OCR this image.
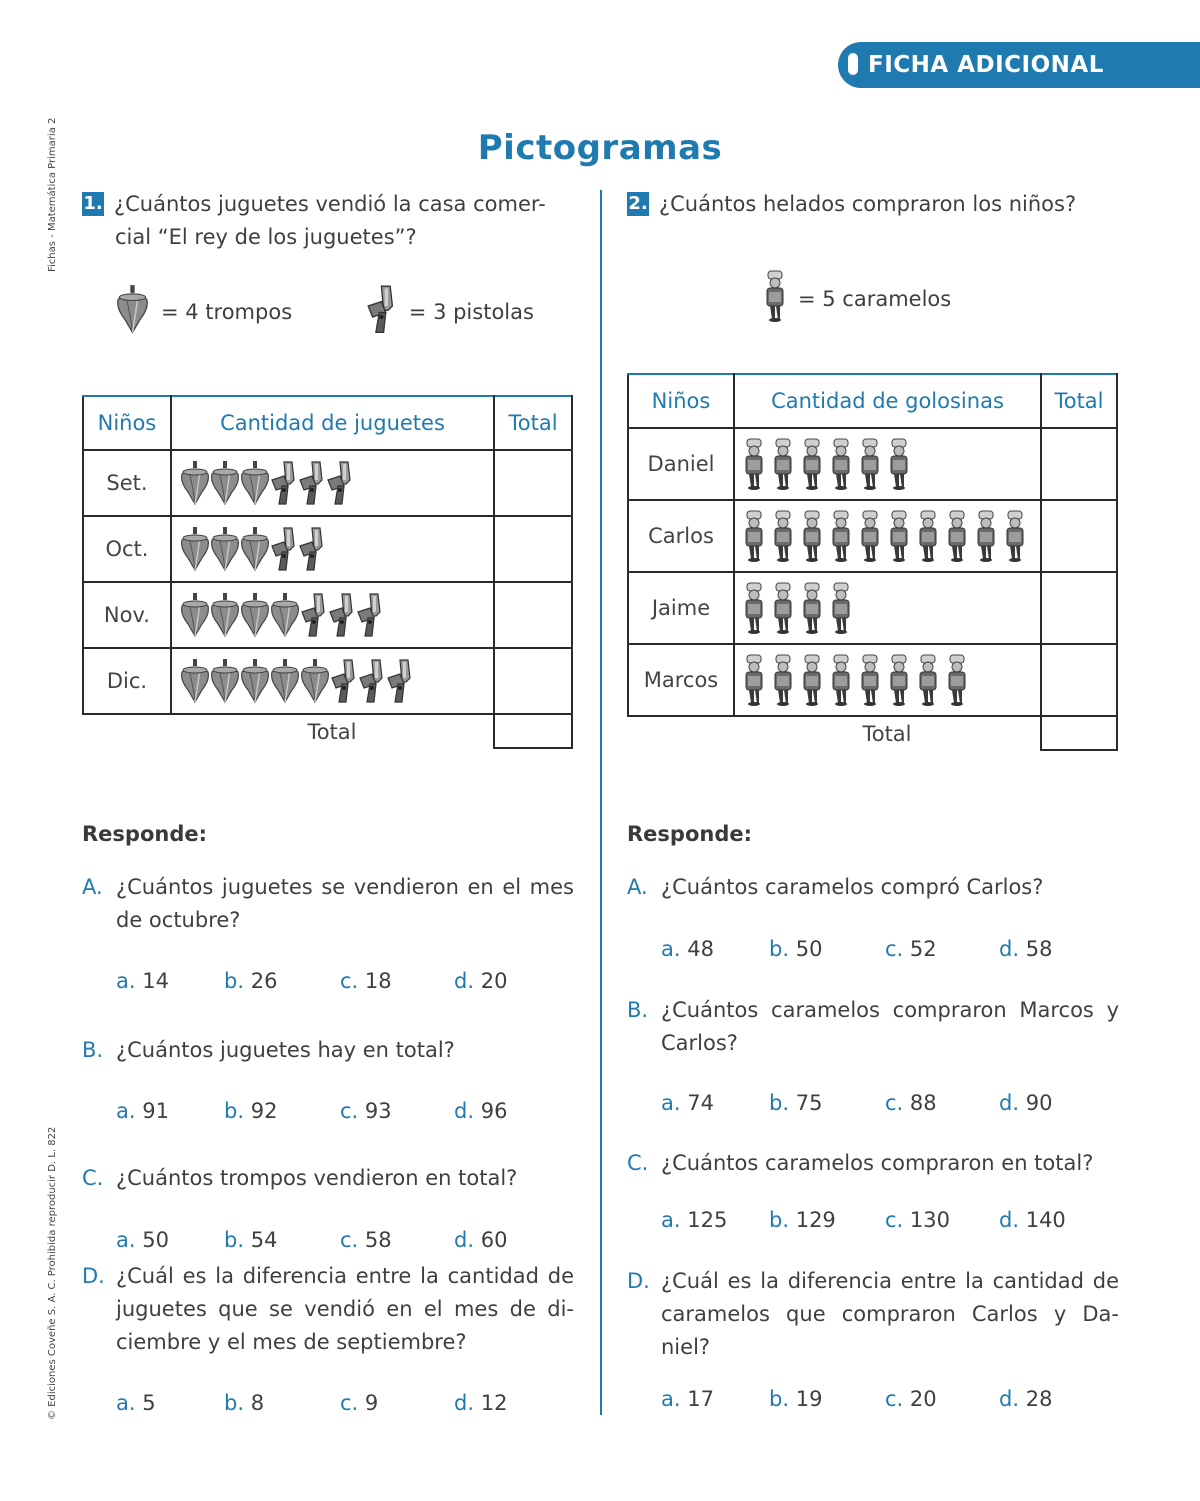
FICHA ADICIONAL
Fichas - Matemática Primaria 2
© Ediciones Coveñe S. A. C. Prohibida reproducir D. L. 822
Pictogramas
1. ¿Cuántos juguetes vendió la casa comer-
cial “El rey de los juguetes”?
= 4 trompos	= 3 pistolas
Niños	Cantidad de juguetes	Total
Set.		
Oct.		
Nov.		
Dic.		
	Total	
Responde:
A. ¿Cuántos juguetes se vendieron en el mes de octubre?
a. 14	b. 26	c. 18	d. 20
B. ¿Cuántos juguetes hay en total?
a. 91	b. 92	c. 93	d. 96
C. ¿Cuántos trompos vendieron en total?
a. 50	b. 54	c. 58	d. 60
D. ¿Cuál es la diferencia entre la cantidad de juguetes que se vendió en el mes de di-ciembre y el mes de septiembre?
a. 5	b. 8	c. 9	d. 12
2. ¿Cuántos helados compraron los niños?
= 5 caramelos
Niños	Cantidad de golosinas	Total
Daniel		
Carlos		
Jaime		
Marcos		
	Total	
Responde:
A. ¿Cuántos caramelos compró Carlos?
a. 48	b. 50	c. 52	d. 58
B. ¿Cuántos caramelos compraron Marcos y Carlos?
a. 74	b. 75	c. 88	d. 90
C. ¿Cuántos caramelos compraron en total?
a. 125 b. 129 c. 130 d. 140
D. ¿Cuál es la diferencia entre la cantidad de caramelos que compraron Carlos y Da-niel?
a. 17	b. 19	c. 20	d. 28
